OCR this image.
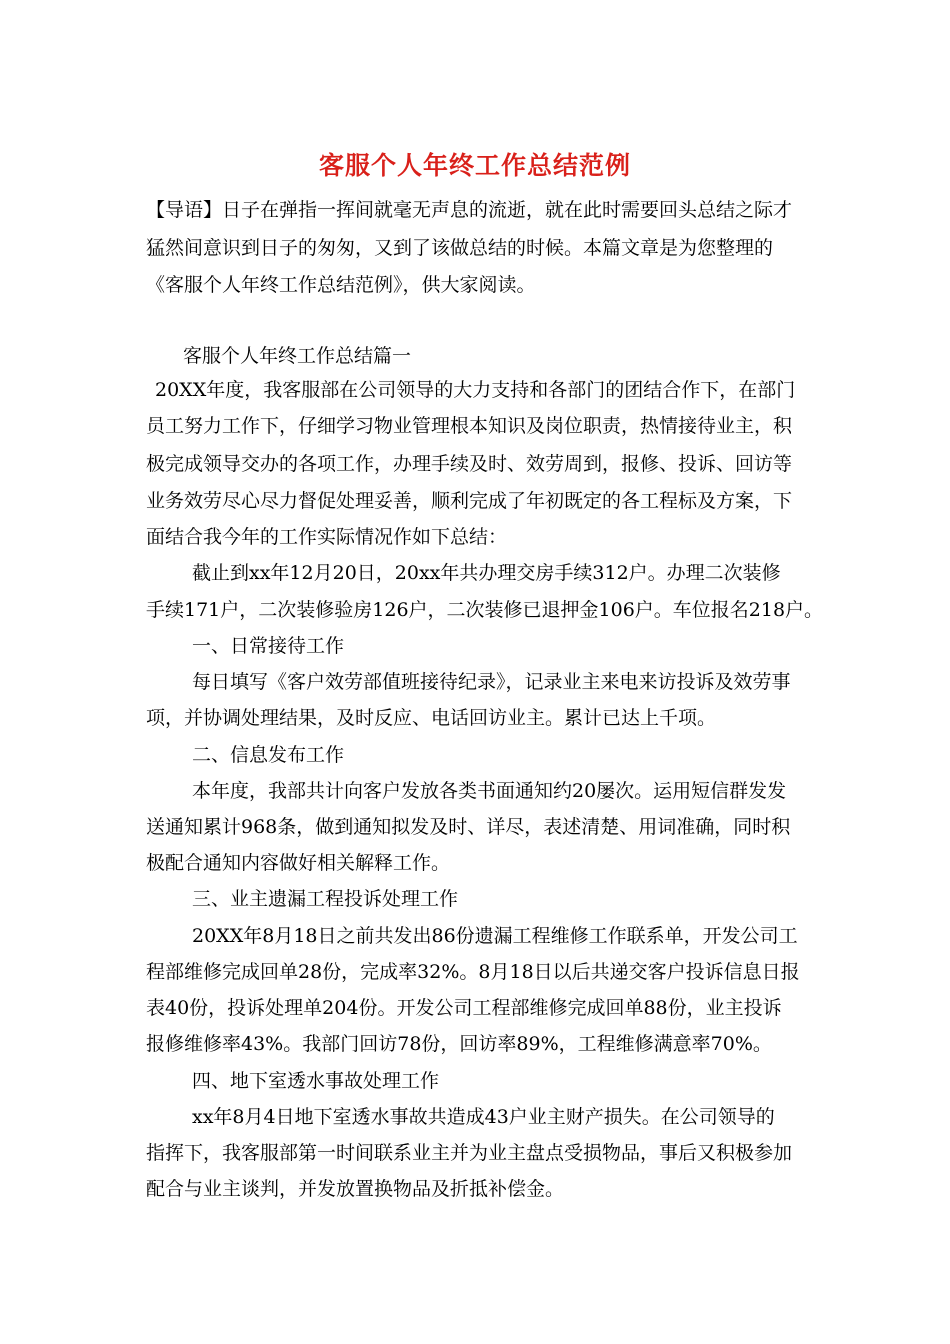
客服个人年终工作总结范例
【导语】日子在弹指一挥间就毫无声息的流逝，就在此时需要回头总结之际才
猛然间意识到日子的匆匆，又到了该做总结的时候。本篇文章是为您整理的
《客服个人年终工作总结范例》，供大家阅读。
客服个人年终工作总结篇一
20XX年度，我客服部在公司领导的大力支持和各部门的团结合作下，在部门
员工努力工作下，仔细学习物业管理根本知识及岗位职责，热情接待业主，积
极完成领导交办的各项工作，办理手续及时、效劳周到，报修、投诉、回访等
业务效劳尽心尽力督促处理妥善，顺利完成了年初既定的各工程标及方案，下
面结合我今年的工作实际情况作如下总结：
截止到xx年12月20日，20xx年共办理交房手续312户。办理二次装修
手续171户，二次装修验房126户，二次装修已退押金106户。车位报名218户。
一、日常接待工作
每日填写《客户效劳部值班接待纪录》，记录业主来电来访投诉及效劳事
项，并协调处理结果，及时反应、电话回访业主。累计已达上千项。
二、信息发布工作
本年度，我部共计向客户发放各类书面通知约20屡次。运用短信群发发
送通知累计968条，做到通知拟发及时、详尽，表述清楚、用词准确，同时积
极配合通知内容做好相关解释工作。
三、业主遗漏工程投诉处理工作
20XX年8月18日之前共发出86份遗漏工程维修工作联系单，开发公司工
程部维修完成回单28份，完成率32%。8月18日以后共递交客户投诉信息日报
表40份，投诉处理单204份。开发公司工程部维修完成回单88份，业主投诉
报修维修率43%。我部门回访78份，回访率89%，工程维修满意率70%。
四、地下室透水事故处理工作
xx年8月4日地下室透水事故共造成43户业主财产损失。在公司领导的
指挥下，我客服部第一时间联系业主并为业主盘点受损物品，事后又积极参加
配合与业主谈判，并发放置换物品及折抵补偿金。
